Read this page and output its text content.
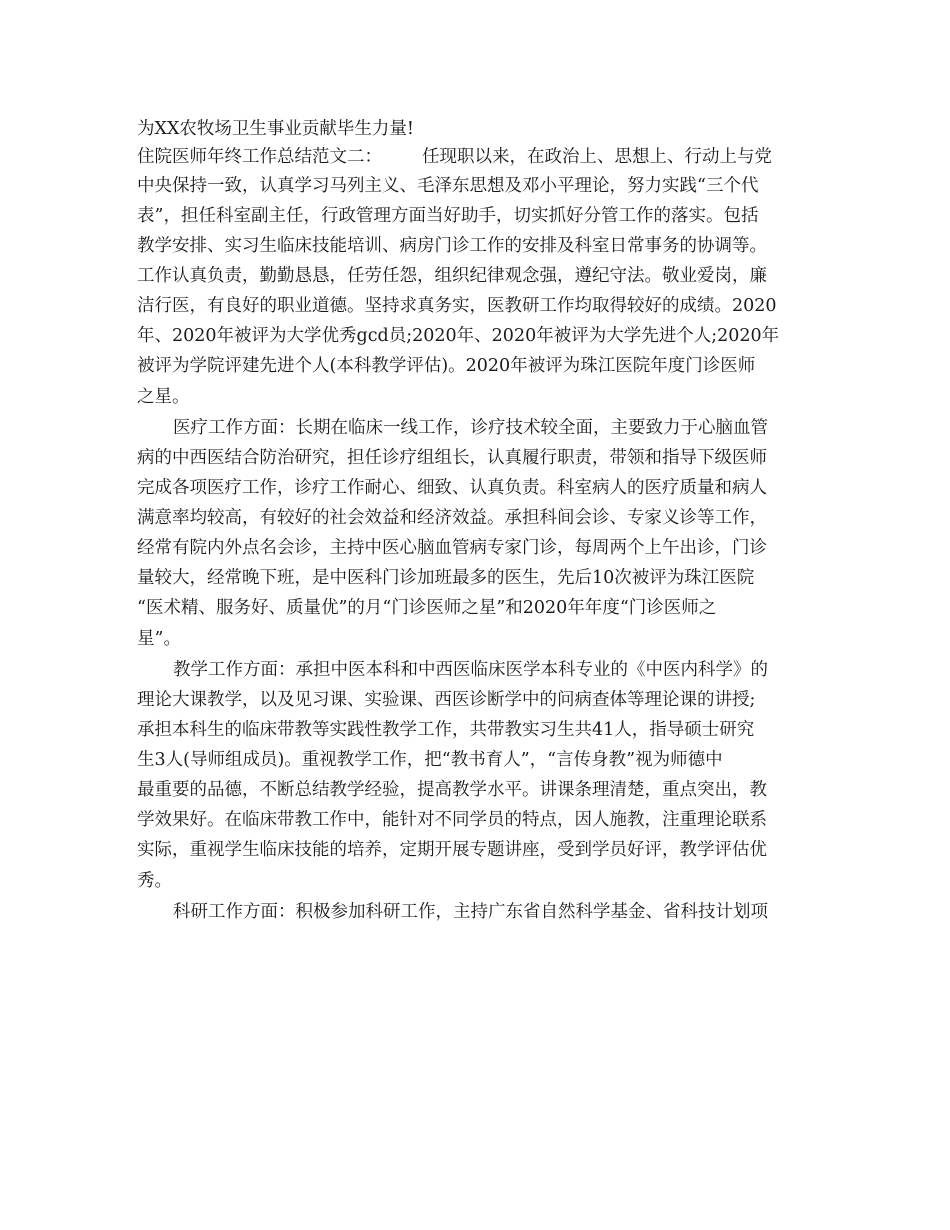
为XX农牧场卫生事业贡献毕生力量!
住院医师年终工作总结范文二： 任现职以来，在政治上、思想上、行动上与党
中央保持一致，认真学习马列主义、毛泽东思想及邓小平理论，努力实践“三个代
表”，担任科室副主任，行政管理方面当好助手，切实抓好分管工作的落实。包括
教学安排、实习生临床技能培训、病房门诊工作的安排及科室日常事务的协调等。
工作认真负责，勤勤恳恳，任劳任怨，组织纪律观念强，遵纪守法。敬业爱岗，廉
洁行医，有良好的职业道德。坚持求真务实，医教研工作均取得较好的成绩。2020
年、2020年被评为大学优秀gcd员;2020年、2020年被评为大学先进个人;2020年
被评为学院评建先进个人(本科教学评估)。2020年被评为珠江医院年度门诊医师
之星。
医疗工作方面：长期在临床一线工作，诊疗技术较全面，主要致力于心脑血管
病的中西医结合防治研究，担任诊疗组组长，认真履行职责，带领和指导下级医师
完成各项医疗工作，诊疗工作耐心、细致、认真负责。科室病人的医疗质量和病人
满意率均较高，有较好的社会效益和经济效益。承担科间会诊、专家义诊等工作，
经常有院内外点名会诊，主持中医心脑血管病专家门诊，每周两个上午出诊，门诊
量较大，经常晚下班，是中医科门诊加班最多的医生，先后10次被评为珠江医院
“医术精、服务好、质量优”的月“门诊医师之星”和2020年年度“门诊医师之
星”。
教学工作方面：承担中医本科和中西医临床医学本科专业的《中医内科学》的
理论大课教学，以及见习课、实验课、西医诊断学中的问病查体等理论课的讲授;
承担本科生的临床带教等实践性教学工作，共带教实习生共41人，指导硕士研究
生3人(导师组成员)。重视教学工作，把“教书育人”，“言传身教”视为师德中
最重要的品德，不断总结教学经验，提高教学水平。讲课条理清楚，重点突出，教
学效果好。在临床带教工作中，能针对不同学员的特点，因人施教，注重理论联系
实际，重视学生临床技能的培养，定期开展专题讲座，受到学员好评，教学评估优
秀。
科研工作方面：积极参加科研工作，主持广东省自然科学基金、省科技计划项
